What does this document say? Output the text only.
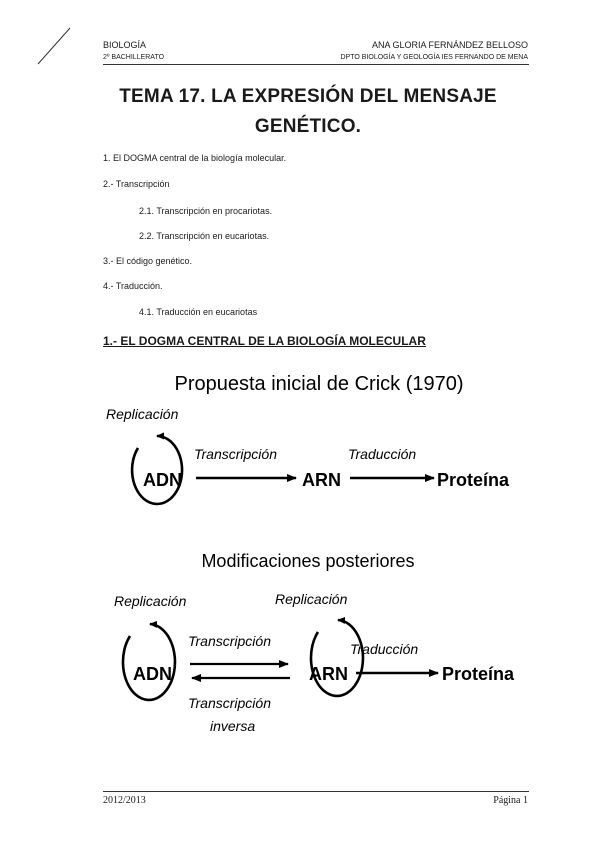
BIOLOGÍA
2º BACHILLERATO
ANA GLORIA FERNÁNDEZ BELLOSO
DPTO BIOLOGÍA Y GEOLOGÍA IES FERNANDO DE MENA
TEMA 17. LA EXPRESIÓN DEL MENSAJE
GENÉTICO.
1. El DOGMA central de la biología molecular.
2.- Transcripción
2.1. Transcripción en procariotas.
2.2. Transcripción en eucariotas.
3.- El código genético.
4.- Traducción.
4.1. Traducción en eucariotas
1.- EL DOGMA CENTRAL DE LA BIOLOGÍA MOLECULAR
Propuesta inicial de Crick (1970)
Replicación
ADN
Transcripción
ARN
Traducción
Proteína
Modificaciones posteriores
Replicación	Replicación
ADN
Transcripción
Transcripción
inversa
ARN
Traducción
Proteína
2012/2013	Página 1
